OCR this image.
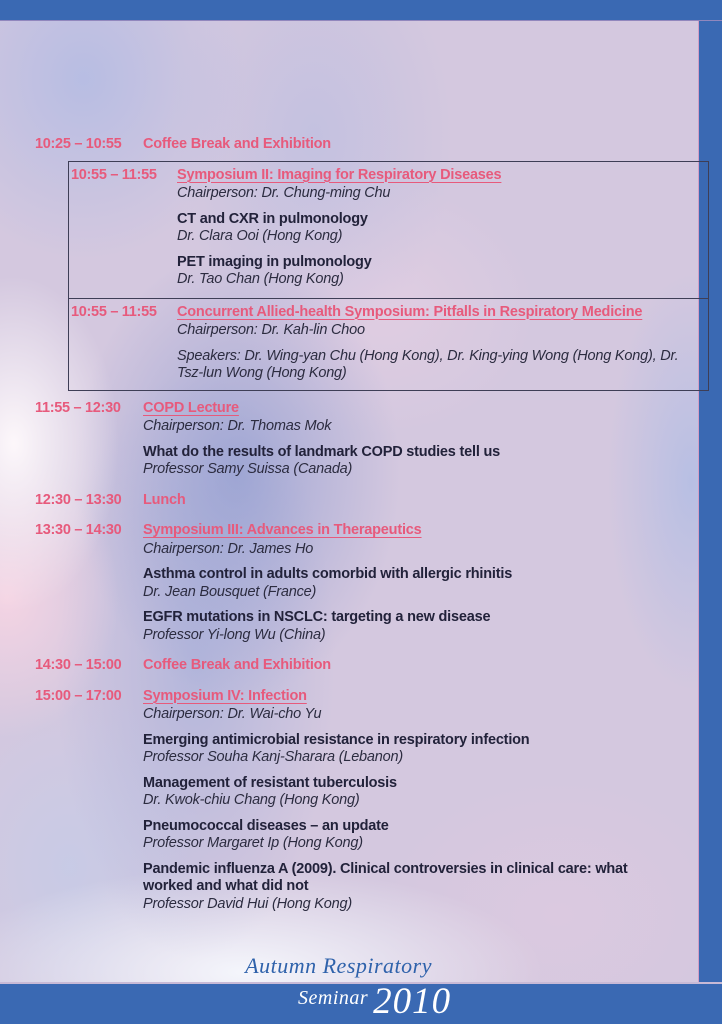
10:25 – 10:55	Coffee Break and Exhibition
10:55 – 11:55	Symposium II: Imaging for Respiratory Diseases
Chairperson: Dr. Chung-ming Chu
CT and CXR in pulmonology
Dr. Clara Ooi (Hong Kong)
PET imaging in pulmonology
Dr. Tao Chan (Hong Kong)
10:55 – 11:55	Concurrent Allied-health Symposium: Pitfalls in Respiratory Medicine
Chairperson: Dr. Kah-lin Choo
Speakers: Dr. Wing-yan Chu (Hong Kong), Dr. King-ying Wong (Hong Kong), Dr. Tsz-lun Wong (Hong Kong)
11:55 – 12:30	COPD Lecture
Chairperson: Dr. Thomas Mok
What do the results of landmark COPD studies tell us
Professor Samy Suissa (Canada)
12:30 – 13:30	Lunch
13:30 – 14:30	Symposium III: Advances in Therapeutics
Chairperson: Dr. James Ho
Asthma control in adults comorbid with allergic rhinitis
Dr. Jean Bousquet (France)
EGFR mutations in NSCLC: targeting a new disease
Professor Yi-long Wu (China)
14:30 – 15:00	Coffee Break and Exhibition
15:00 – 17:00	Symposium IV: Infection
Chairperson: Dr. Wai-cho Yu
Emerging antimicrobial resistance in respiratory infection
Professor Souha Kanj-Sharara (Lebanon)
Management of resistant tuberculosis
Dr. Kwok-chiu Chang (Hong Kong)
Pneumococcal diseases – an update
Professor Margaret Ip (Hong Kong)
Pandemic influenza A (2009). Clinical controversies in clinical care: what worked and what did not
Professor David Hui (Hong Kong)
Autumn Respiratory
Seminar 2010
